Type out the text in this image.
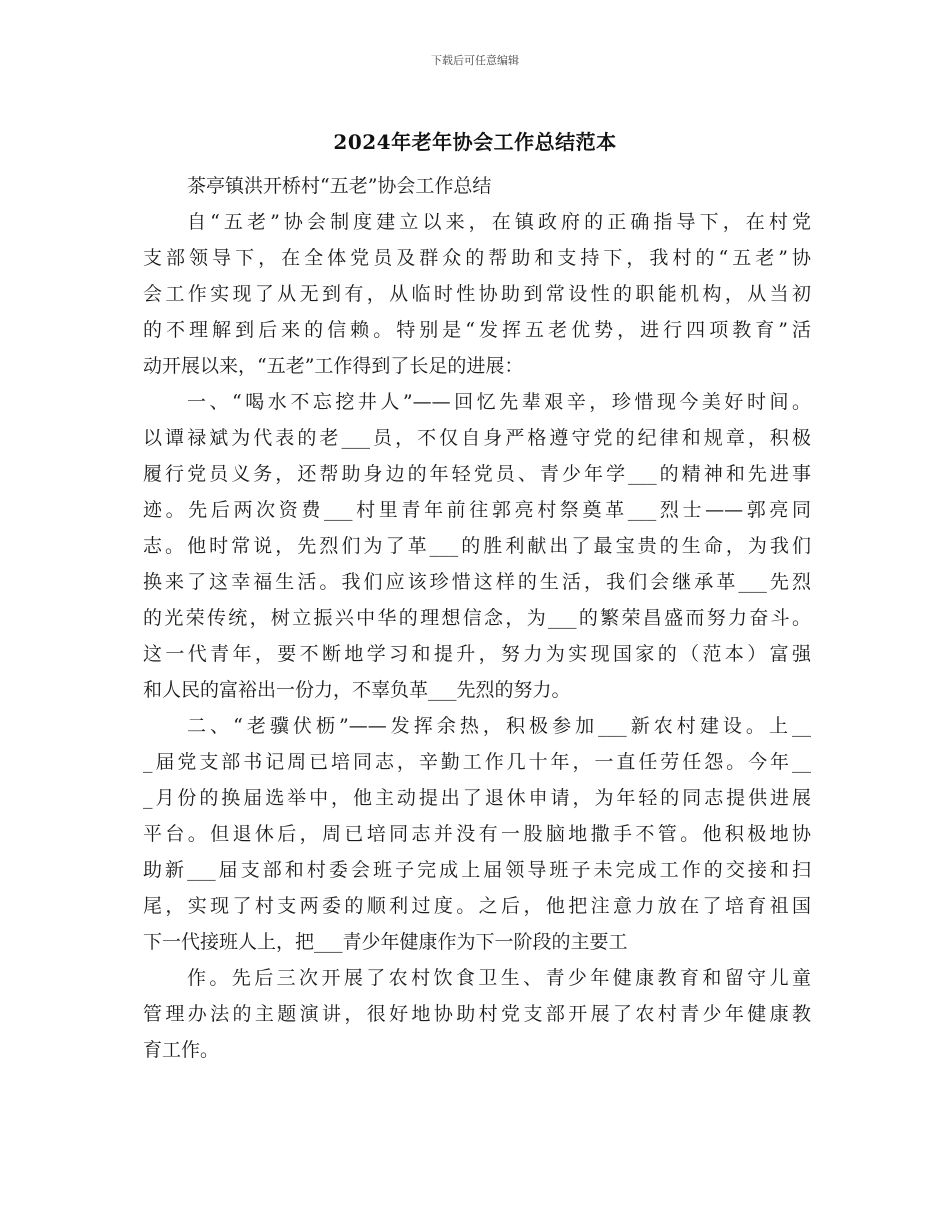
下载后可任意编辑
2024年老年协会工作总结范本
茶亭镇洪开桥村“五老”协会工作总结
自“五老”协会制度建立以来，在镇政府的正确指导下，在村党
支部领导下，在全体党员及群众的帮助和支持下，我村的“五老”协
会工作实现了从无到有，从临时性协助到常设性的职能机构，从当初
的不理解到后来的信赖。特别是“发挥五老优势，进行四项教育”活
动开展以来，“五老”工作得到了长足的进展：
一、“喝水不忘挖井人”——回忆先辈艰辛，珍惜现今美好时间。
以谭禄斌为代表的老___员，不仅自身严格遵守党的纪律和规章，积极
履行党员义务，还帮助身边的年轻党员、青少年学___的精神和先进事
迹。先后两次资费___村里青年前往郭亮村祭奠革___烈士——郭亮同
志。他时常说，先烈们为了革___的胜利献出了最宝贵的生命，为我们
换来了这幸福生活。我们应该珍惜这样的生活，我们会继承革___先烈
的光荣传统，树立振兴中华的理想信念，为___的繁荣昌盛而努力奋斗。
这一代青年，要不断地学习和提升，努力为实现国家的（范本）富强
和人民的富裕出一份力，不辜负革___先烈的努力。
二、“老骥伏枥”——发挥余热，积极参加___新农村建设。上__
_届党支部书记周已培同志，辛勤工作几十年，一直任劳任怨。今年__
_月份的换届选举中，他主动提出了退休申请，为年轻的同志提供进展
平台。但退休后，周已培同志并没有一股脑地撒手不管。他积极地协
助新___届支部和村委会班子完成上届领导班子未完成工作的交接和扫
尾，实现了村支两委的顺利过度。之后，他把注意力放在了培育祖国
下一代接班人上，把___青少年健康作为下一阶段的主要工
作。先后三次开展了农村饮食卫生、青少年健康教育和留守儿童
管理办法的主题演讲，很好地协助村党支部开展了农村青少年健康教
育工作。
